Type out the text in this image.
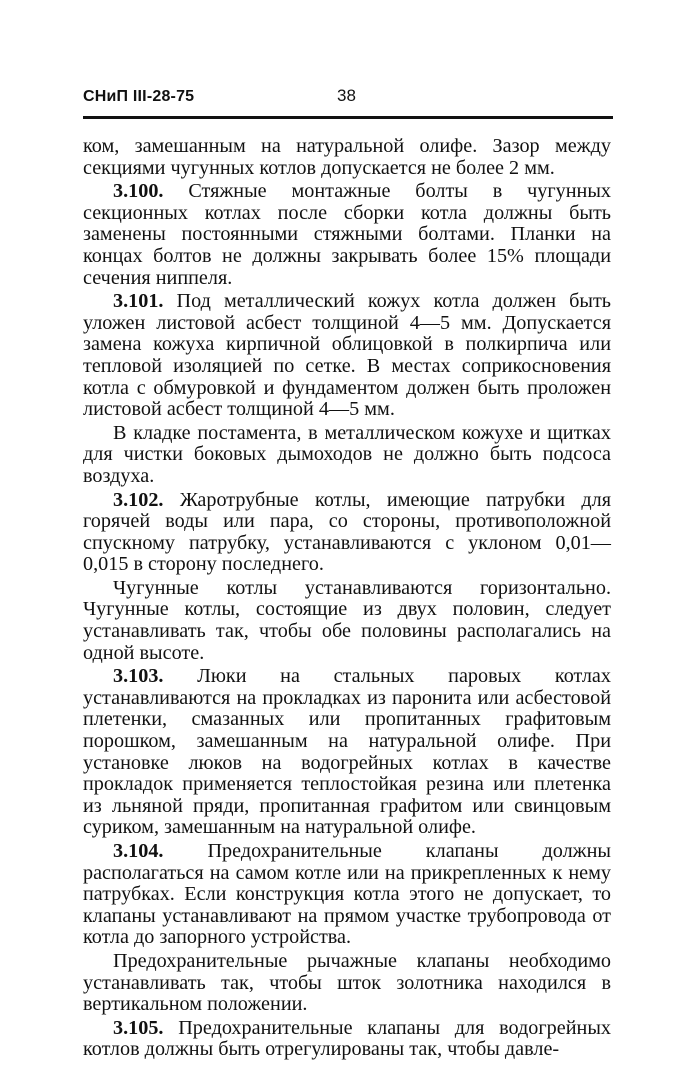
СНиП III-28-75	38

ком, замешанным на натуральной олифе. Зазор между секциями чугунных котлов допускается не более 2 мм.

3.100. Стяжные монтажные болты в чугунных секционных котлах после сборки котла должны быть заменены постоянными стяжными болтами. Планки на концах болтов не должны закрывать более 15% площади сечения ниппеля.

3.101. Под металлический кожух котла должен быть уложен листовой асбест толщиной 4—5 мм. Допускается замена кожуха кирпичной облицовкой в полкирпича или тепловой изоляцией по сетке. В местах соприкосновения котла с обмуровкой и фундаментом должен быть проложен листовой асбест толщиной 4—5 мм.

В кладке постамента, в металлическом кожухе и щитках для чистки боковых дымоходов не должно быть подсоса воздуха.

3.102. Жаротрубные котлы, имеющие патрубки для горячей воды или пара, со стороны, противоположной спускному патрубку, устанавливаются с уклоном 0,01—0,015 в сторону последнего.

Чугунные котлы устанавливаются горизонтально. Чугунные котлы, состоящие из двух половин, следует устанавливать так, чтобы обе половины располагались на одной высоте.

3.103. Люки на стальных паровых котлах устанавливаются на прокладках из паронита или асбестовой плетенки, смазанных или пропитанных графитовым порошком, замешанным на натуральной олифе. При установке люков на водогрейных котлах в качестве прокладок применяется теплостойкая резина или плетенка из льняной пряди, пропитанная графитом или свинцовым суриком, замешанным на натуральной олифе.

3.104. Предохранительные клапаны должны располагаться на самом котле или на прикрепленных к нему патрубках. Если конструкция котла этого не допускает, то клапаны устанавливают на прямом участке трубопровода от котла до запорного устройства.

Предохранительные рычажные клапаны необходимо устанавливать так, чтобы шток золотника находился в вертикальном положении.

3.105. Предохранительные клапаны для водогрейных котлов должны быть отрегулированы так, чтобы давле-
